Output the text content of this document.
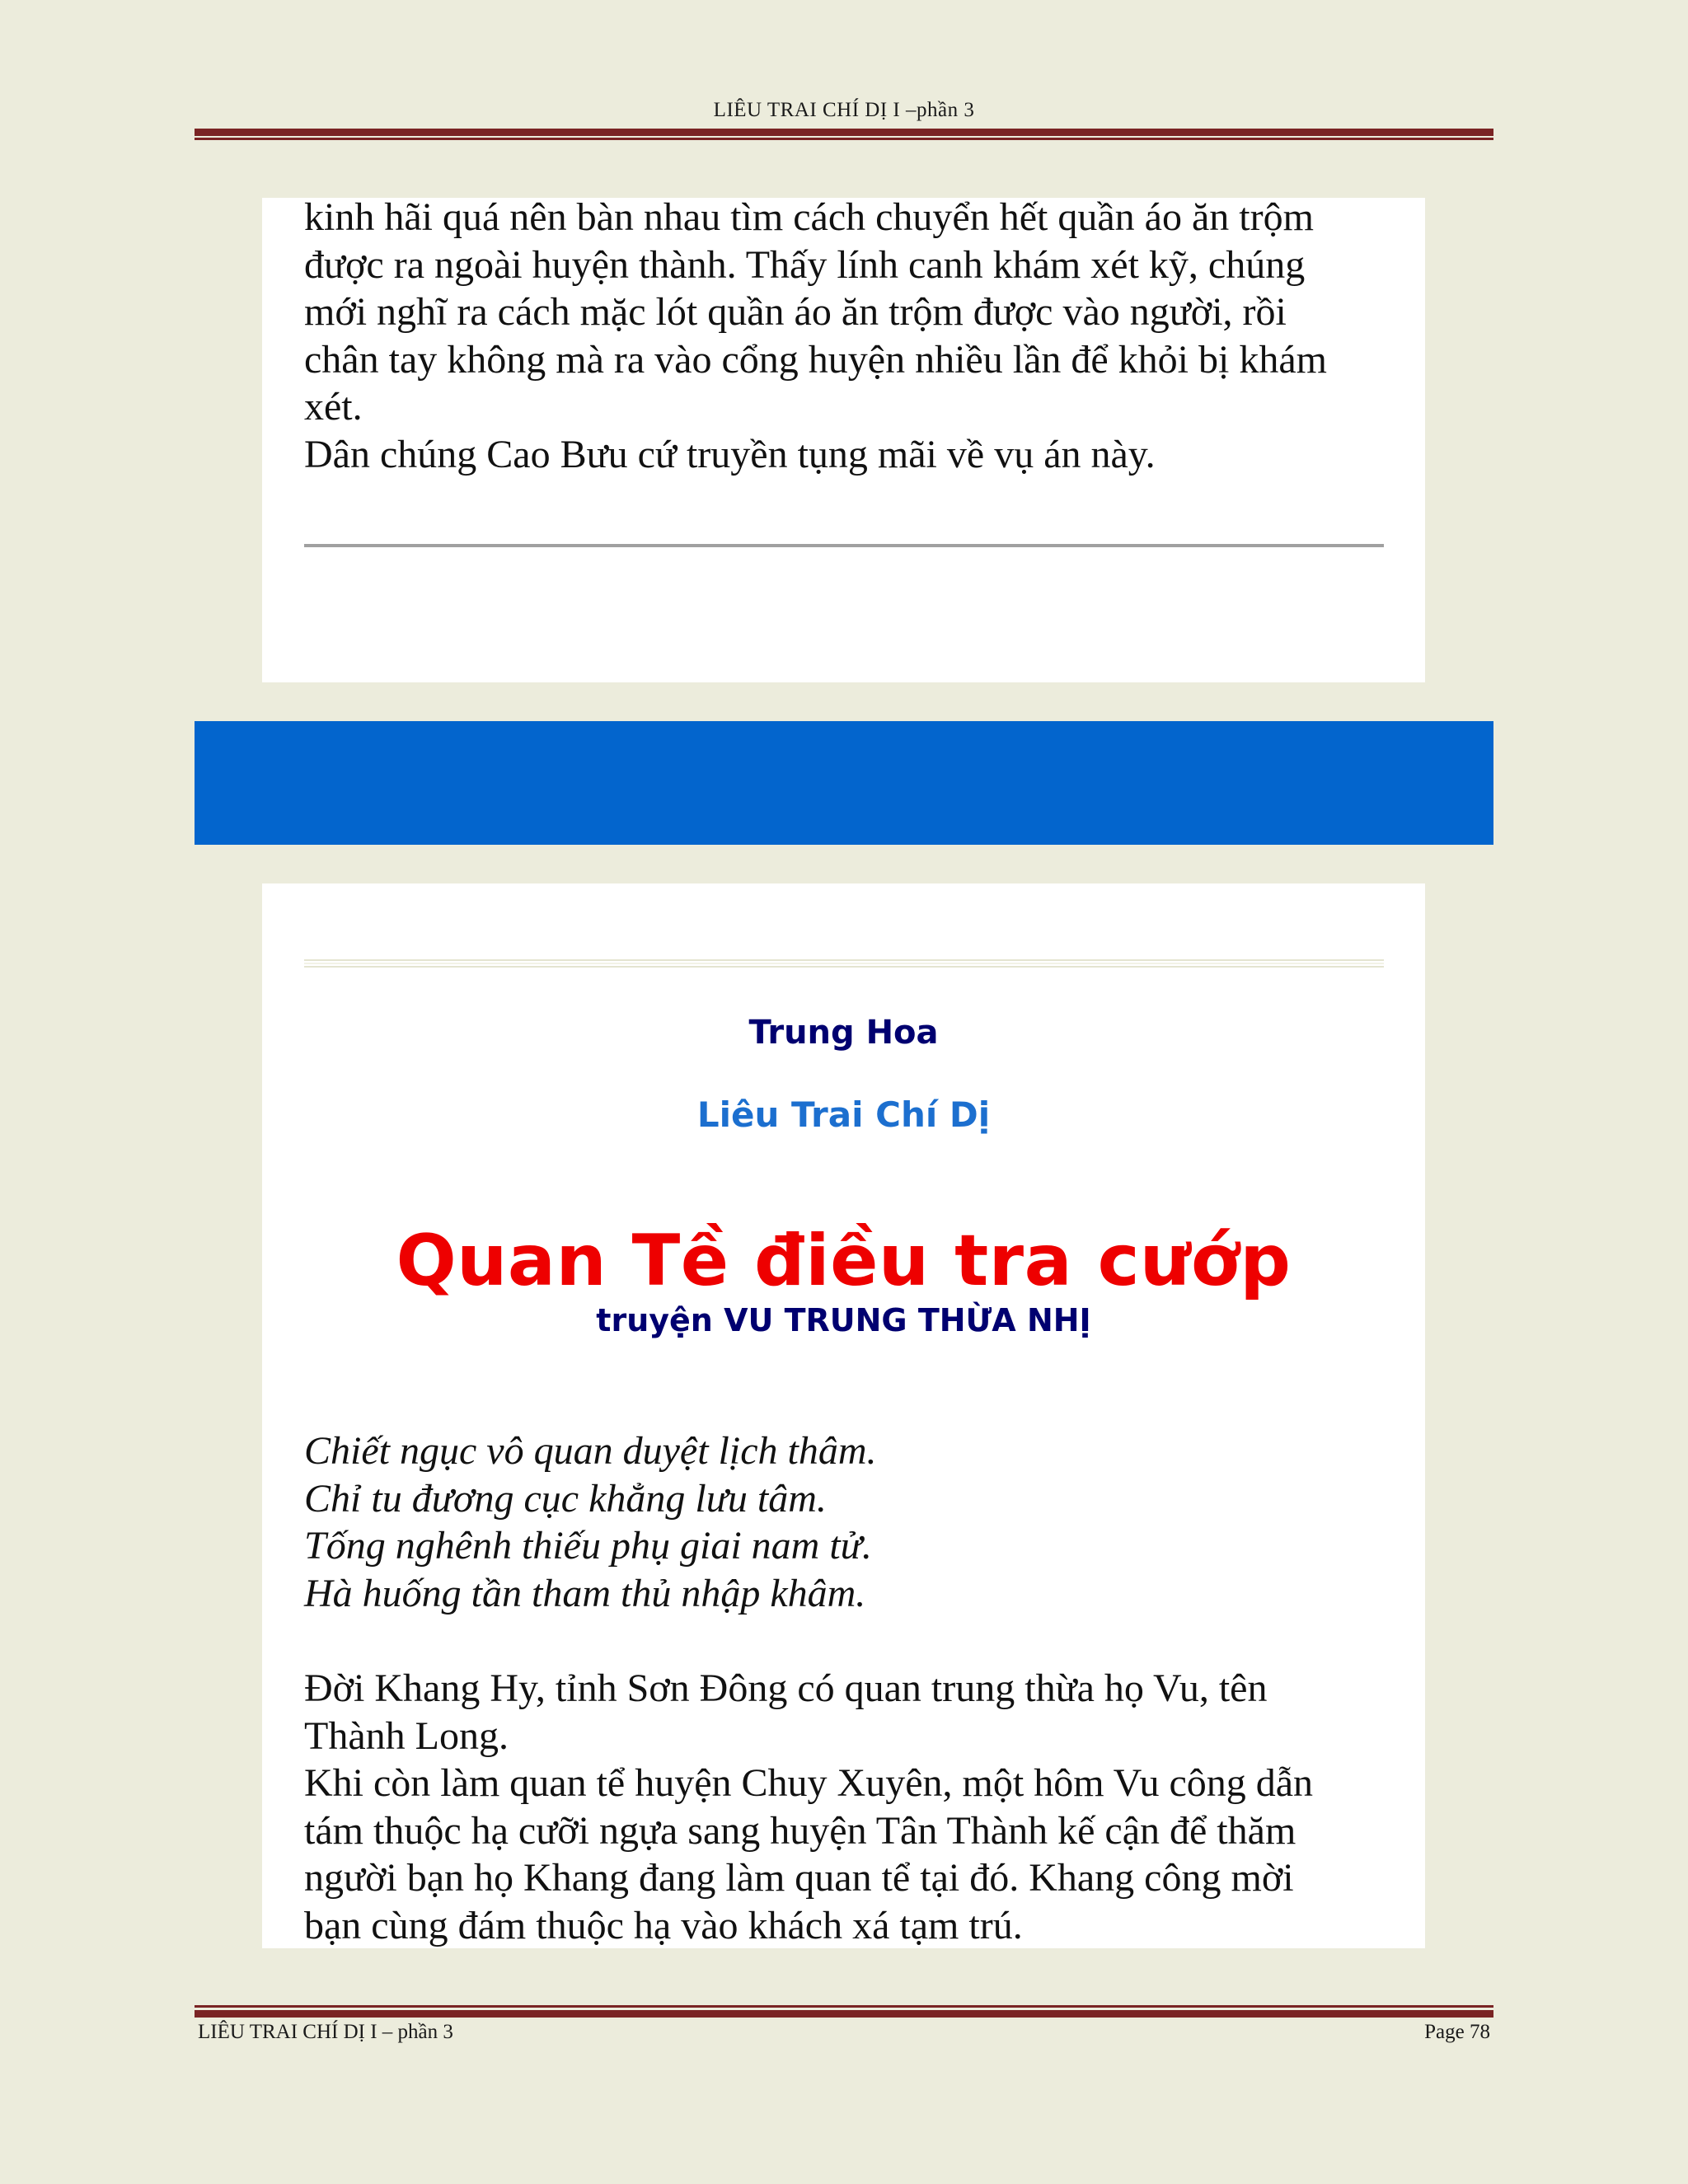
LIÊU TRAI CHÍ DỊ I –phần 3

kinh hãi quá nên bàn nhau tìm cách chuyển hết quần áo ăn trộm

được ra ngoài huyện thành. Thấy lính canh khám xét kỹ, chúng

mới nghĩ ra cách mặc lót quần áo ăn trộm được vào người, rồi

chân tay không mà ra vào cổng huyện nhiều lần để khỏi bị khám

xét.

Dân chúng Cao Bưu cứ truyền tụng mãi về vụ án này.

Trung Hoa

Liêu Trai Chí Dị

Quan Tề điều tra cướp

truyện VU TRUNG THỪA NHỊ

Chiết ngục vô quan duyệt lịch thâm.

Chỉ tu đương cục khẳng lưu tâm.

Tống nghênh thiếu phụ giai nam tử.

Hà huống tần tham thủ nhập khâm.

Đời Khang Hy, tỉnh Sơn Đông có quan trung thừa họ Vu, tên

Thành Long.

Khi còn làm quan tể huyện Chuy Xuyên, một hôm Vu công dẫn

tám thuộc hạ cưỡi ngựa sang huyện Tân Thành kế cận để thăm

người bạn họ Khang đang làm quan tể tại đó. Khang công mời

bạn cùng đám thuộc hạ vào khách xá tạm trú.

LIÊU TRAI CHÍ DỊ I – phần 3	Page 78
